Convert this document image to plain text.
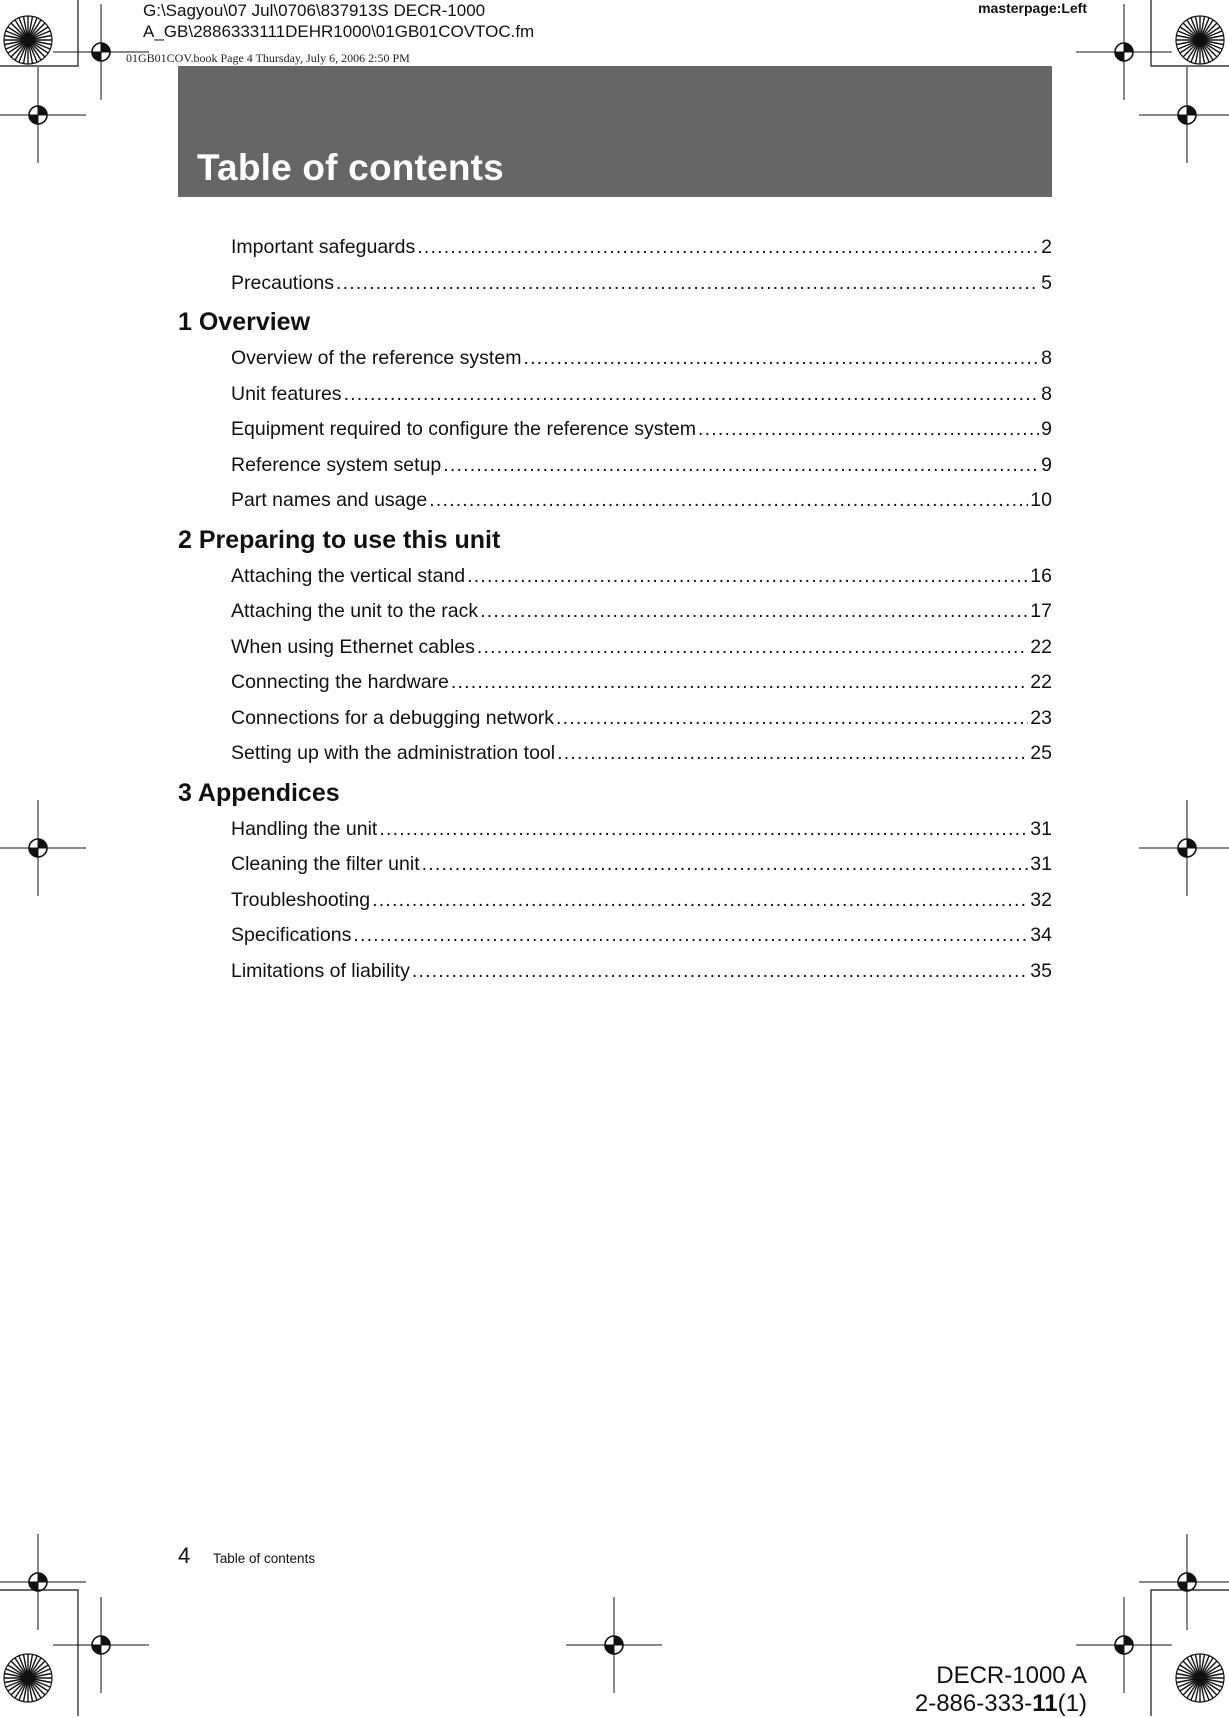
G:\Sagyou\07 Jul\0706\837913S DECR-1000
A_GB\2886333111DEHR1000\01GB01COVTOC.fm
masterpage:Left
01GB01COV.book Page 4 Thursday, July 6, 2006 2:50 PM
Table of contents
Important safeguards .....	2
Precautions .....	5
1 Overview
Overview of the reference system .....	8
Unit features .....	8
Equipment required to configure the reference system .....	9
Reference system setup .....	9
Part names and usage .....	10
2 Preparing to use this unit
Attaching the vertical stand .....	16
Attaching the unit to the rack .....	17
When using Ethernet cables .....	22
Connecting the hardware .....	22
Connections for a debugging network .....	23
Setting up with the administration tool .....	25
3 Appendices
Handling the unit .....	31
Cleaning the filter unit .....	31
Troubleshooting .....	32
Specifications .....	34
Limitations of liability .....	35
4 Table of contents
DECR-1000 A
2-886-333-11(1)
